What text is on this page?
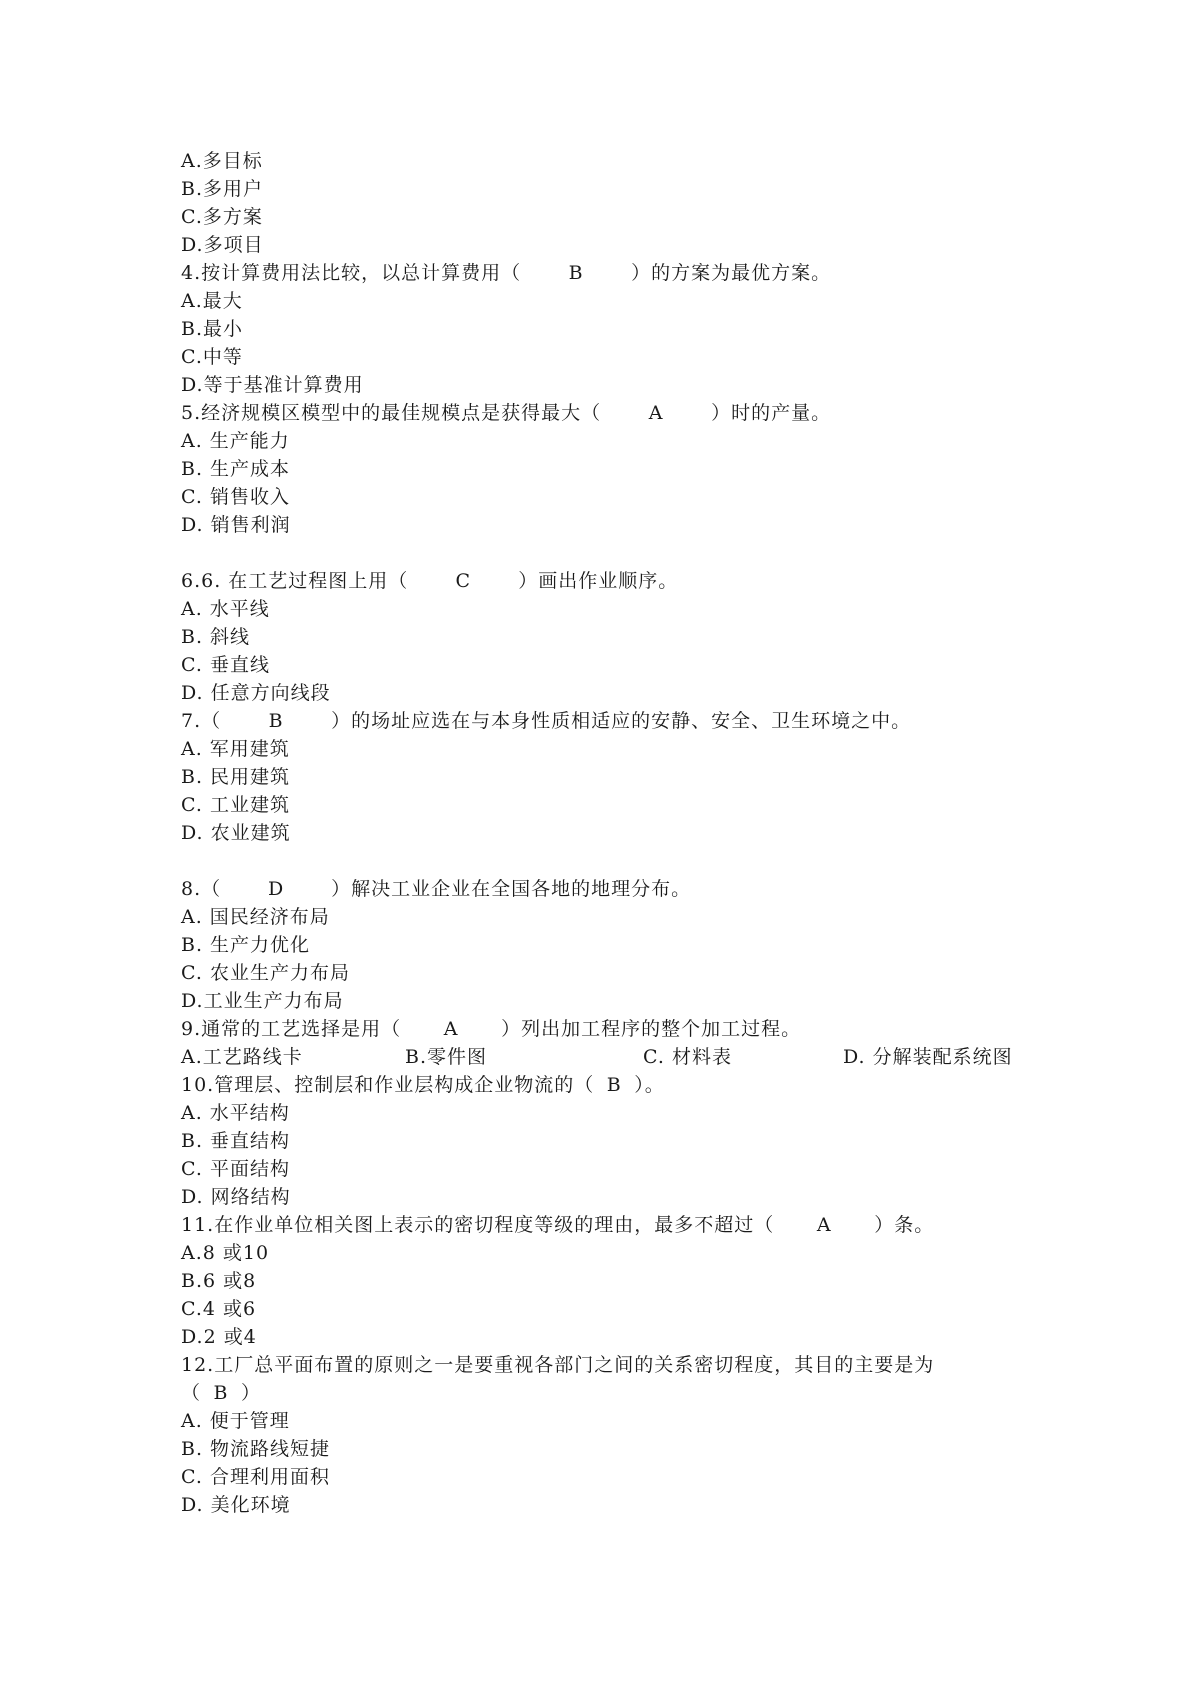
A.多目标
B.多用户
C.多方案
D.多项目
4.按计算费用法比较，以总计算费用（	B	）的方案为最优方案。
A.最大
B.最小
C.中等
D.等于基准计算费用
5.经济规模区模型中的最佳规模点是获得最大（	A	）时的产量。
A. 生产能力
B. 生产成本
C. 销售收入
D. 销售利润
6.6. 在工艺过程图上用（ C ）画出作业顺序。
A. 水平线
B. 斜线
C. 垂直线
D. 任意方向线段
7.（	B	）的场址应选在与本身性质相适应的安静、安全、卫生环境之中。
A. 军用建筑
B. 民用建筑
C. 工业建筑
D. 农业建筑
8.（ D ）解决工业企业在全国各地的地理分布。
A. 国民经济布局
B. 生产力优化
C. 农业生产力布局
D.工业生产力布局
9.通常的工艺选择是用（ A ）列出加工程序的整个加工过程。
A.工艺路线卡	B.零件图	C. 材料表	D. 分解装配系统图
10.管理层、控制层和作业层构成企业物流的（ B ）。
A. 水平结构
B. 垂直结构
C. 平面结构
D. 网络结构
11.在作业单位相关图上表示的密切程度等级的理由，最多不超过（ A ）条。
A.8 或10
B.6 或8
C.4 或6
D.2 或4
12.工厂总平面布置的原则之一是要重视各部门之间的关系密切程度，其目的主要是为
（ B ）
A. 便于管理
B. 物流路线短捷
C. 合理利用面积
D. 美化环境
